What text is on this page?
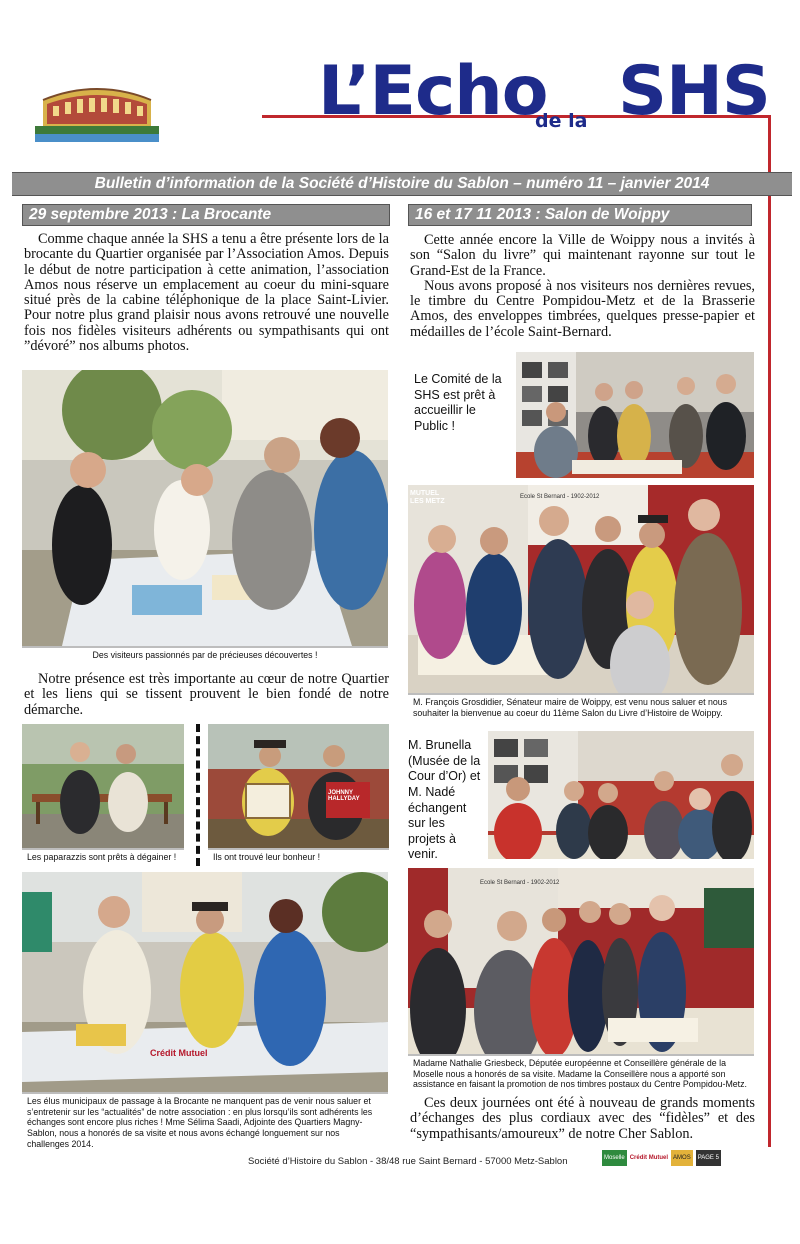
L’Echo
de la SHS
Bulletin d’information de la Société d’Histoire du Sablon – numéro 11 – janvier 2014
29 septembre 2013 : La Brocante

Comme chaque année la SHS a tenu a être présente lors de la brocante du Quartier organisée par l’Association Amos. Depuis le début de notre participation à cette animation, l’association Amos nous réserve un emplacement au coeur du mini-square situé près de la cabine téléphonique de la place Saint-Livier. Pour notre plus grand plaisir nous avons retrouvé une nouvelle fois nos fidèles visiteurs adhérents ou sympathisants qui ont ”dévoré” nos albums photos.

Des visiteurs passionnés par de précieuses découvertes !

Notre présence est très importante au cœur de notre Quartier et les liens qui se tissent prouvent le bien fondé de notre démarche.

Les paparazzis sont prêts à dégainer !
JOHNNY HALLYDAY
Ils ont trouvé leur bonheur !
Crédit Mutuel
Les élus municipaux de passage à la Brocante ne manquent pas de venir nous saluer et s’entretenir sur les “actualités” de notre association : en plus lorsqu’ils sont adhérents les échanges sont encore plus riches ! Mme Sélima Saadi, Adjointe des Quartiers Magny-Sablon, nous a honorés de sa visite et nous avons échangé longuement sur nos challenges 2014.
16 et 17 11 2013 : Salon de Woippy

Cette année encore la Ville de Woippy nous a invités à son “Salon du livre” qui maintenant rayonne sur tout le Grand-Est de la France.

Nous avons proposé à nos visiteurs nos dernières revues, le timbre du Centre Pompidou-Metz et de la Brasserie Amos, des enveloppes timbrées, quelques presse-papier et médailles de l’école Saint-Bernard.

Le Comité de la SHS est prêt à accueillir le Public !
MUTUEL LES METZ
Ecole St Bernard - 1902-2012
M. François Grosdidier, Sénateur maire de Woippy, est venu nous saluer et nous souhaiter la bienvenue au coeur du 11ème Salon du Livre d’Histoire de Woippy.
M. Brunella (Musée de la Cour d’Or) et M. Nadé échangent sur les projets à venir.
Ecole St Bernard - 1902-2012
Madame Nathalie Griesbeck, Députée européenne et Conseillère générale de la Moselle nous a honorés de sa visite. Madame la Conseillère nous a apporté son assistance en faisant la promotion de nos timbres postaux du Centre Pompidou-Metz.

Ces deux journées ont été à nouveau de grands moments d’échanges des plus cordiaux avec des “fidèles” et des “sympathisants/amoureux” de notre Cher Sablon.

Société d’Histoire du Sablon - 38/48 rue Saint Bernard - 57000 Metz-Sablon	Moselle Crédit Mutuel AMOS	PAGE 5
